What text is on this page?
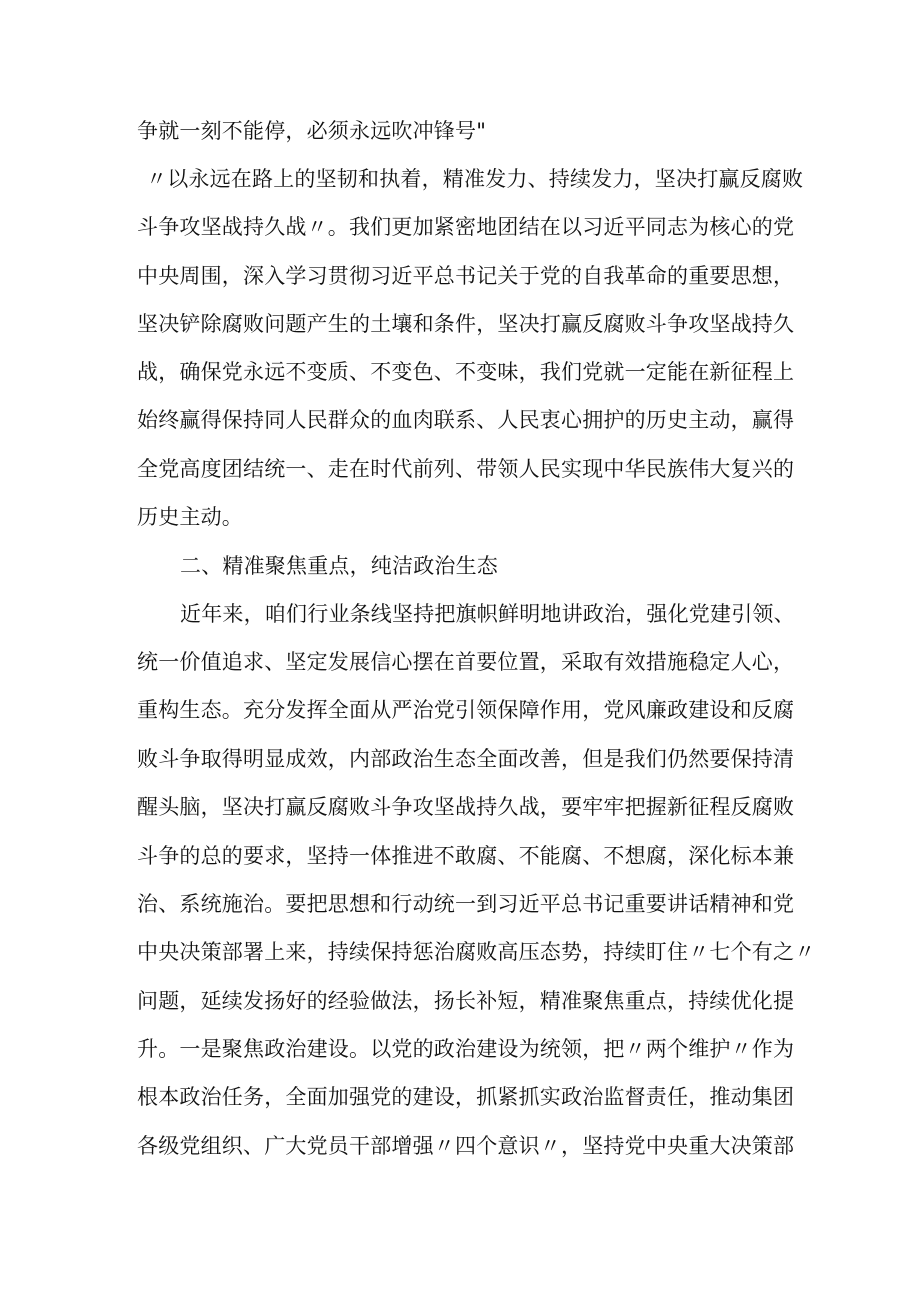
争就一刻不能停，必须永远吹冲锋号"
〃以永远在路上的坚韧和执着，精准发力、持续发力，坚决打赢反腐败
斗争攻坚战持久战〃。我们更加紧密地团结在以习近平同志为核心的党
中央周围，深入学习贯彻习近平总书记关于党的自我革命的重要思想，
坚决铲除腐败问题产生的土壤和条件，坚决打赢反腐败斗争攻坚战持久
战，确保党永远不变质、不变色、不变味，我们党就一定能在新征程上
始终赢得保持同人民群众的血肉联系、人民衷心拥护的历史主动，赢得
全党高度团结统一、走在时代前列、带领人民实现中华民族伟大复兴的
历史主动。
二、精准聚焦重点，纯洁政治生态
近年来，咱们行业条线坚持把旗帜鲜明地讲政治，强化党建引领、
统一价值追求、坚定发展信心摆在首要位置，采取有效措施稳定人心，
重构生态。充分发挥全面从严治党引领保障作用，党风廉政建设和反腐
败斗争取得明显成效，内部政治生态全面改善，但是我们仍然要保持清
醒头脑，坚决打赢反腐败斗争攻坚战持久战，要牢牢把握新征程反腐败
斗争的总的要求，坚持一体推进不敢腐、不能腐、不想腐，深化标本兼
治、系统施治。要把思想和行动统一到习近平总书记重要讲话精神和党
中央决策部署上来，持续保持惩治腐败高压态势，持续盯住〃七个有之〃
问题，延续发扬好的经验做法，扬长补短，精准聚焦重点，持续优化提
升。一是聚焦政治建设。以党的政治建设为统领，把〃两个维护〃作为
根本政治任务，全面加强党的建设，抓紧抓实政治监督责任，推动集团
各级党组织、广大党员干部增强〃四个意识〃，坚持党中央重大决策部
